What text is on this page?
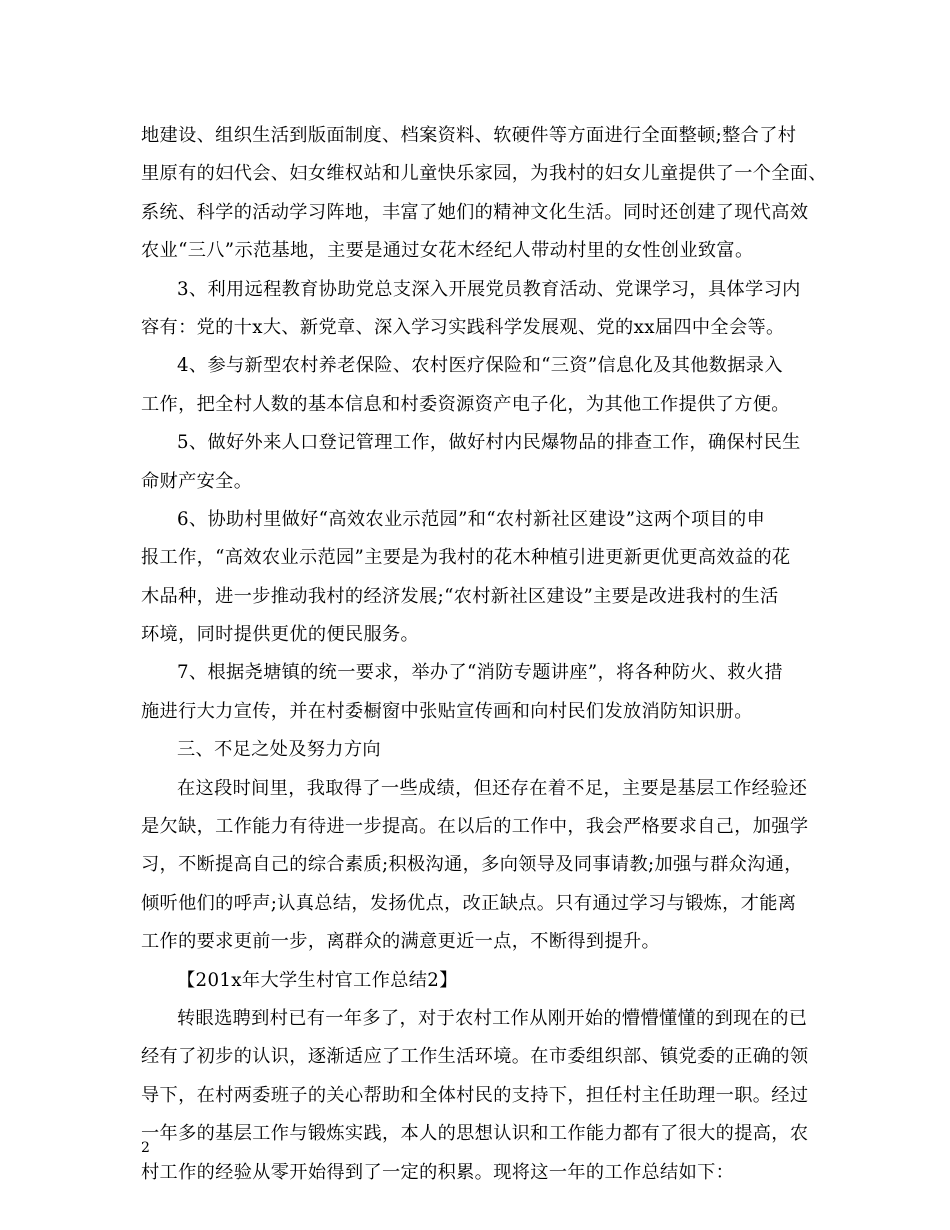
地建设、组织生活到版面制度、档案资料、软硬件等方面进行全面整顿;整合了村
里原有的妇代会、妇女维权站和儿童快乐家园，为我村的妇女儿童提供了一个全面、
系统、科学的活动学习阵地，丰富了她们的精神文化生活。同时还创建了现代高效
农业“三八”示范基地，主要是通过女花木经纪人带动村里的女性创业致富。
3、利用远程教育协助党总支深入开展党员教育活动、党课学习，具体学习内
容有：党的十x大、新党章、深入学习实践科学发展观、党的xx届四中全会等。
4、参与新型农村养老保险、农村医疗保险和“三资”信息化及其他数据录入
工作，把全村人数的基本信息和村委资源资产电子化，为其他工作提供了方便。
5、做好外来人口登记管理工作，做好村内民爆物品的排查工作，确保村民生
命财产安全。
6、协助村里做好“高效农业示范园”和“农村新社区建设”这两个项目的申
报工作，“高效农业示范园”主要是为我村的花木种植引进更新更优更高效益的花
木品种，进一步推动我村的经济发展;“农村新社区建设”主要是改进我村的生活
环境，同时提供更优的便民服务。
7、根据尧塘镇的统一要求，举办了“消防专题讲座”，将各种防火、救火措
施进行大力宣传，并在村委橱窗中张贴宣传画和向村民们发放消防知识册。
三、不足之处及努力方向
在这段时间里，我取得了一些成绩，但还存在着不足，主要是基层工作经验还
是欠缺，工作能力有待进一步提高。在以后的工作中，我会严格要求自己，加强学
习，不断提高自己的综合素质;积极沟通，多向领导及同事请教;加强与群众沟通，
倾听他们的呼声;认真总结，发扬优点，改正缺点。只有通过学习与锻炼，才能离
工作的要求更前一步，离群众的满意更近一点，不断得到提升。
【201x年大学生村官工作总结2】
转眼选聘到村已有一年多了，对于农村工作从刚开始的懵懵懂懂的到现在的已
经有了初步的认识，逐渐适应了工作生活环境。在市委组织部、镇党委的正确的领
导下，在村两委班子的关心帮助和全体村民的支持下，担任村主任助理一职。经过
一年多的基层工作与锻炼实践，本人的思想认识和工作能力都有了很大的提高，农
村工作的经验从零开始得到了一定的积累。现将这一年的工作总结如下：
2
